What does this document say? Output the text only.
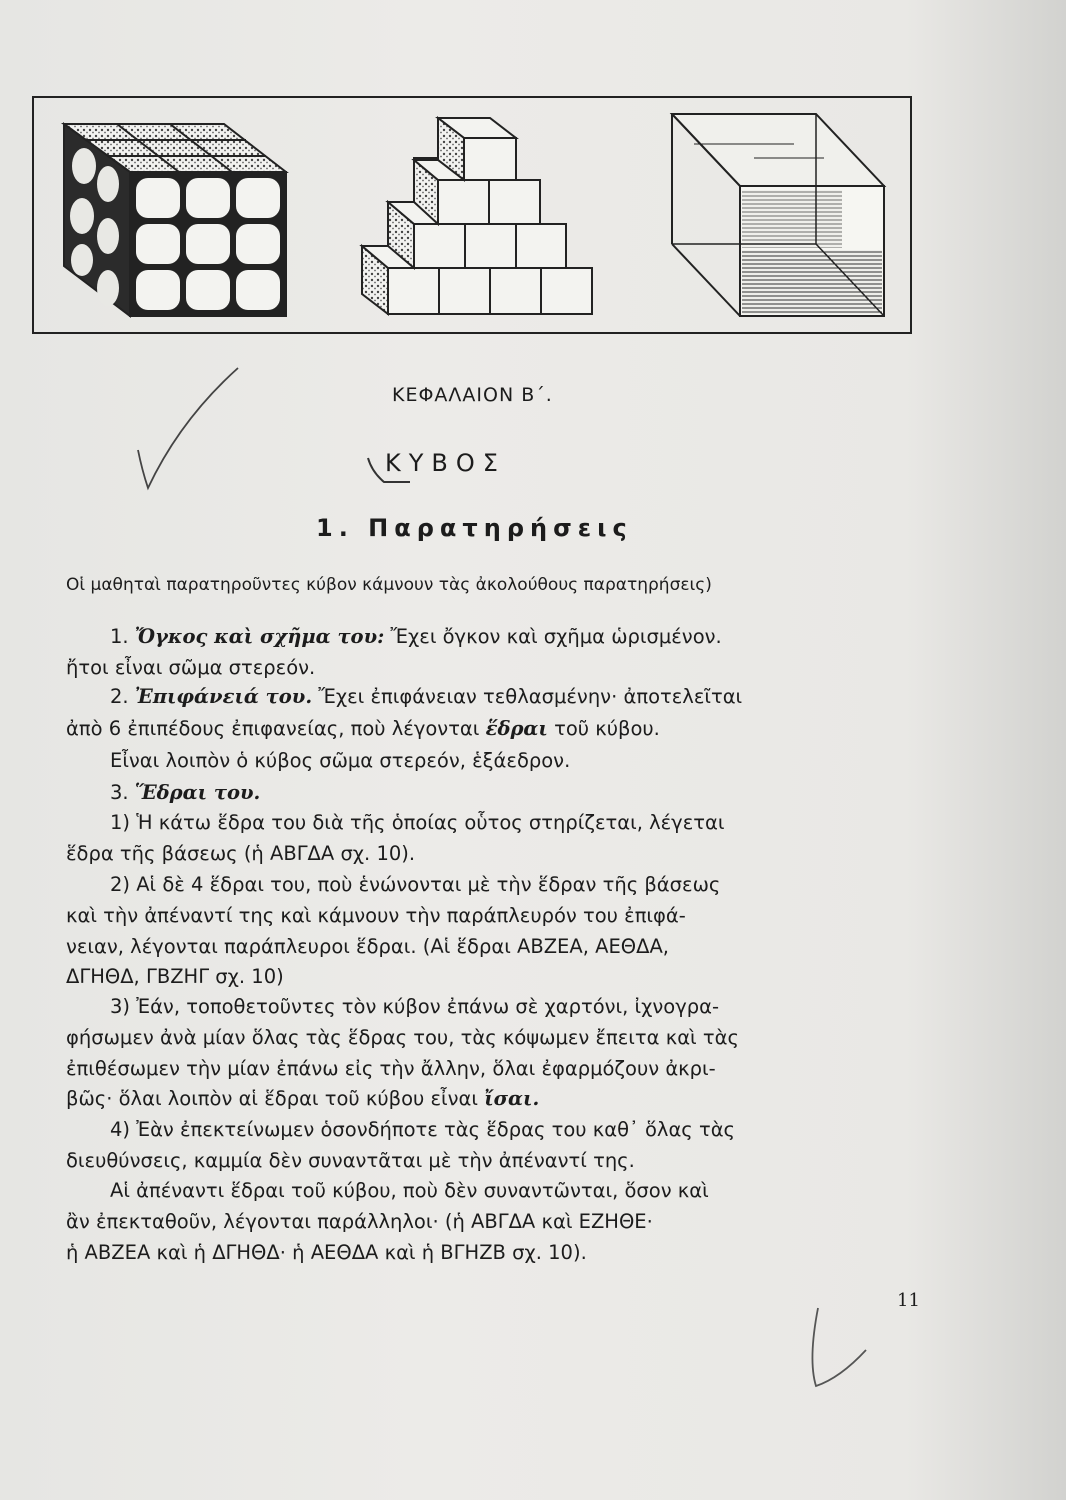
ΚΕΦΑΛΑΙΟΝ Β΄.
ΚΥΒΟΣ
1. Παρατηρήσεις
Οἱ μαθηταὶ παρατηροῦντες κύβον κάμνουν τὰς ἀκολούθους παρατηρήσεις)
1. Ὄγκος καὶ σχῆμα του: Ἔχει ὄγκον καὶ σχῆμα ὡρισμένον.
ἤτοι εἶναι σῶμα στερεόν.
2. Ἐπιφάνειά του. Ἔχει ἐπιφάνειαν τεθλασμένην· ἀποτελεῖται
ἀπὸ 6 ἐπιπέδους ἐπιφανείας, ποὺ λέγονται ἕδραι τοῦ κύβου.
Εἶναι λοιπὸν ὁ κύβος σῶμα στερεόν, ἑξάεδρον.
3. Ἕδραι του.
1) Ἡ κάτω ἕδρα του διὰ τῆς ὁποίας οὗτος στηρίζεται, λέγεται
ἕδρα τῆς βάσεως (ἡ ΑΒΓΔΑ σχ. 10).
2) Αἱ δὲ 4 ἕδραι του, ποὺ ἑνώνονται μὲ τὴν ἕδραν τῆς βάσεως
καὶ τὴν ἀπέναντί της καὶ κάμνουν τὴν παράπλευρόν του ἐπιφά-
νειαν, λέγονται παράπλευροι ἕδραι. (Αἱ ἕδραι ΑΒΖΕΑ, ΑΕΘΔΑ,
ΔΓΗΘΔ, ΓΒΖΗΓ σχ. 10)
3) Ἐάν, τοποθετοῦντες τὸν κύβον ἐπάνω σὲ χαρτόνι, ἰχνογρα-
φήσωμεν ἀνὰ μίαν ὅλας τὰς ἕδρας του, τὰς κόψωμεν ἔπειτα καὶ τὰς
ἐπιθέσωμεν τὴν μίαν ἐπάνω εἰς τὴν ἄλλην, ὅλαι ἐφαρμόζουν ἀκρι-
βῶς· ὅλαι λοιπὸν αἱ ἕδραι τοῦ κύβου εἶναι ἴσαι.
4) Ἐὰν ἐπεκτείνωμεν ὁσονδήποτε τὰς ἕδρας του καθ᾿ ὅλας τὰς
διευθύνσεις, καμμία δὲν συναντᾶται μὲ τὴν ἀπέναντί της.
Αἱ ἀπέναντι ἕδραι τοῦ κύβου, ποὺ δὲν συναντῶνται, ὅσον καὶ
ἂν ἐπεκταθοῦν, λέγονται παράλληλοι· (ἡ ΑΒΓΔΑ καὶ ΕΖΗΘΕ·
ἡ ΑΒΖΕΑ καὶ ἡ ΔΓΗΘΔ· ἡ ΑΕΘΔΑ καὶ ἡ ΒΓΗΖΒ σχ. 10).
11
